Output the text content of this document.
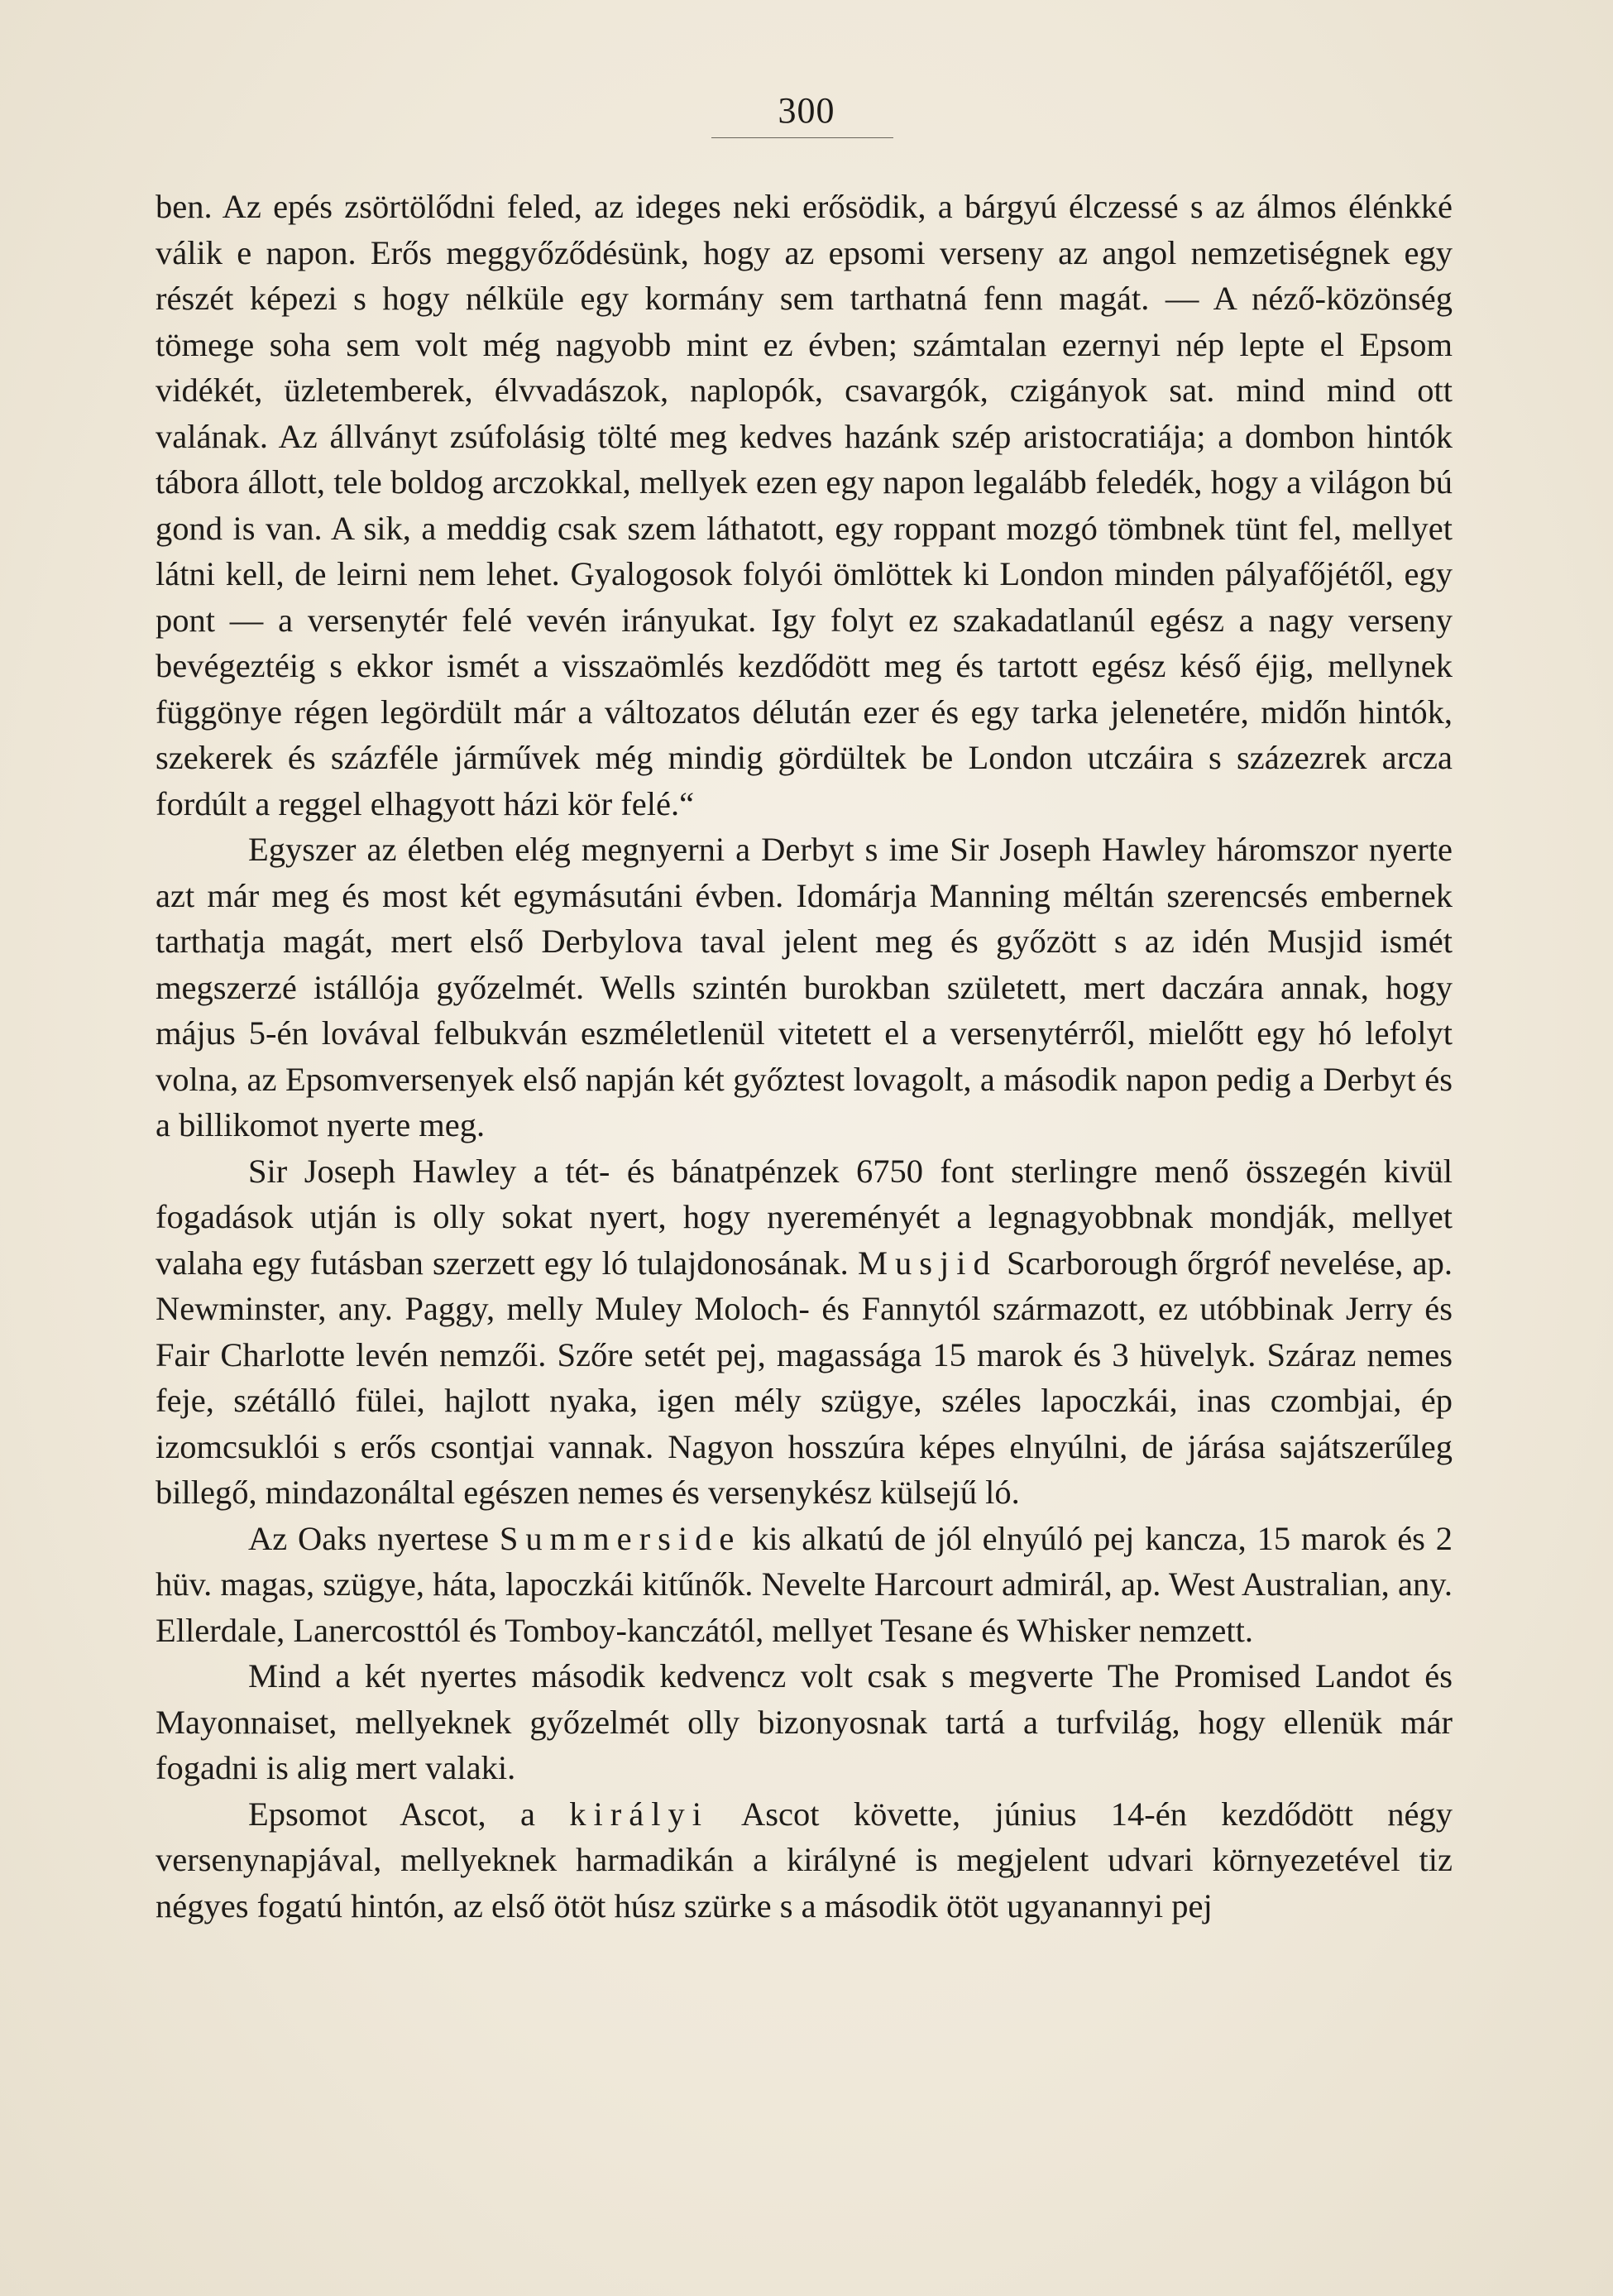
300

ben. Az epés zsörtölődni feled, az ideges neki erősödik, a bárgyú élczessé s az álmos élénkké válik e napon. Erős meggyőződésünk, hogy az epsomi verseny az angol nemzetiségnek egy részét képezi s hogy nélküle egy kormány sem tarthatná fenn magát. — A néző-közönség tömege soha sem volt még nagyobb mint ez évben; számtalan ezernyi nép lepte el Epsom vidékét, üzletemberek, élvvadászok, naplopók, csavargók, czigányok sat. mind mind ott valának. Az állványt zsúfolásig tölté meg kedves hazánk szép aristocratiája; a dombon hintók tábora állott, tele boldog arczokkal, mellyek ezen egy napon legalább feledék, hogy a világon bú gond is van. A sik, a meddig csak szem láthatott, egy roppant mozgó tömbnek tünt fel, mellyet látni kell, de leirni nem lehet. Gyalogosok folyói ömlöttek ki London minden pályafőjétől, egy pont — a versenytér felé vevén irányukat. Igy folyt ez szakadatlanúl egész a nagy verseny bevégeztéig s ekkor ismét a visszaömlés kezdődött meg és tartott egész késő éjig, mellynek függönye régen legördült már a változatos délután ezer és egy tarka jelenetére, midőn hintók, szekerek és százféle járművek még mindig gördültek be London utczáira s százezrek arcza fordúlt a reggel elhagyott házi kör felé.“

Egyszer az életben elég megnyerni a Derbyt s ime Sir Joseph Hawley háromszor nyerte azt már meg és most két egymásutáni évben. Idomárja Manning méltán szerencsés embernek tarthatja magát, mert első Derbylova taval jelent meg és győzött s az idén Musjid ismét megszerzé istállója győzelmét. Wells szintén burokban született, mert daczára annak, hogy május 5-én lovával felbukván eszméletlenül vitetett el a versenytérről, mielőtt egy hó lefolyt volna, az Epsomversenyek első napján két győztest lovagolt, a második napon pedig a Derbyt és a billikomot nyerte meg.

Sir Joseph Hawley a tét- és bánatpénzek 6750 font sterlingre menő összegén kivül fogadások utján is olly sokat nyert, hogy nyereményét a legnagyobbnak mondják, mellyet valaha egy futásban szerzett egy ló tulajdonosának. Musjid Scarborough őrgróf nevelése, ap. Newminster, any. Paggy, melly Muley Moloch- és Fannytól származott, ez utóbbinak Jerry és Fair Charlotte levén nemzői. Szőre setét pej, magassága 15 marok és 3 hüvelyk. Száraz nemes feje, szétálló fülei, hajlott nyaka, igen mély szügye, széles lapoczkái, inas czombjai, ép izomcsuklói s erős csontjai vannak. Nagyon hosszúra képes elnyúlni, de járása sajátszerűleg billegő, mindazonáltal egészen nemes és versenykész külsejű ló.

Az Oaks nyertese Summerside kis alkatú de jól elnyúló pej kancza, 15 marok és 2 hüv. magas, szügye, háta, lapoczkái kitűnők. Nevelte Harcourt admirál, ap. West Australian, any. Ellerdale, Lanercosttól és Tomboy-kanczától, mellyet Tesane és Whisker nemzett.

Mind a két nyertes második kedvencz volt csak s megverte The Promised Landot és Mayonnaiset, mellyeknek győzelmét olly bizonyosnak tartá a turfvilág, hogy ellenük már fogadni is alig mert valaki.

Epsomot Ascot, a királyi Ascot követte, június 14-én kezdődött négy versenynapjával, mellyeknek harmadikán a királyné is megjelent udvari környezetével tiz négyes fogatú hintón, az első ötöt húsz szürke s a második ötöt ugyanannyi pej
